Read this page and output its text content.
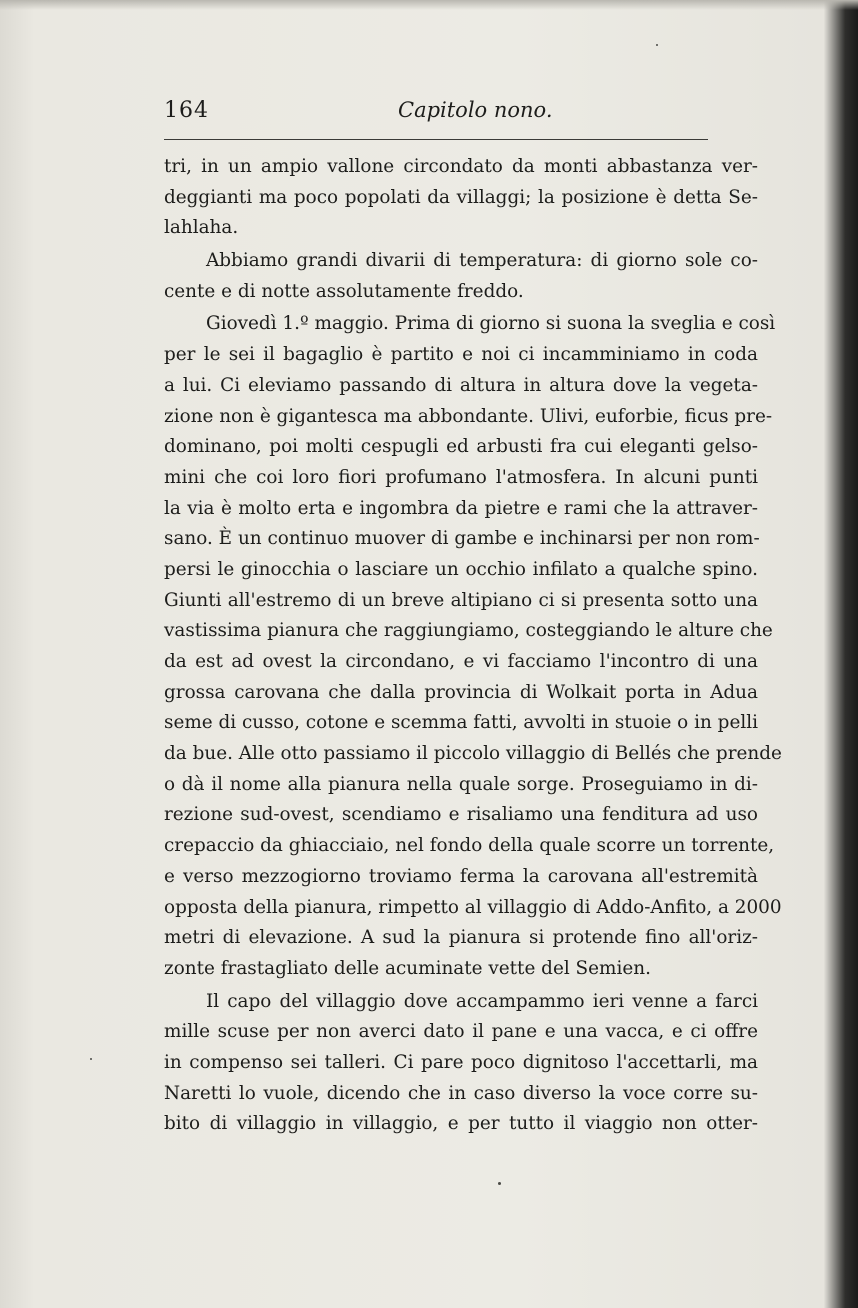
164	Capitolo nono.
tri, in un ampio vallone circondato da monti abbastanza ver-
deggianti ma poco popolati da villaggi; la posizione è detta Se-
lahlaha.
Abbiamo grandi divarii di temperatura: di giorno sole co-
cente e di notte assolutamente freddo.
Giovedì 1.º maggio. Prima di giorno si suona la sveglia e così
per le sei il bagaglio è partito e noi ci incamminiamo in coda
a lui. Ci eleviamo passando di altura in altura dove la vegeta-
zione non è gigantesca ma abbondante. Ulivi, euforbie, ficus pre-
dominano, poi molti cespugli ed arbusti fra cui eleganti gelso-
mini che coi loro fiori profumano l'atmosfera. In alcuni punti
la via è molto erta e ingombra da pietre e rami che la attraver-
sano. È un continuo muover di gambe e inchinarsi per non rom-
persi le ginocchia o lasciare un occhio infilato a qualche spino.
Giunti all'estremo di un breve altipiano ci si presenta sotto una
vastissima pianura che raggiungiamo, costeggiando le alture che
da est ad ovest la circondano, e vi facciamo l'incontro di una
grossa carovana che dalla provincia di Wolkait porta in Adua
seme di cusso, cotone e scemma fatti, avvolti in stuoie o in pelli
da bue. Alle otto passiamo il piccolo villaggio di Bellés che prende
o dà il nome alla pianura nella quale sorge. Proseguiamo in di-
rezione sud-ovest, scendiamo e risaliamo una fenditura ad uso
crepaccio da ghiacciaio, nel fondo della quale scorre un torrente,
e verso mezzogiorno troviamo ferma la carovana all'estremità
opposta della pianura, rimpetto al villaggio di Addo-Anfito, a 2000
metri di elevazione. A sud la pianura si protende fino all'oriz-
zonte frastagliato delle acuminate vette del Semien.
Il capo del villaggio dove accampammo ieri venne a farci
mille scuse per non averci dato il pane e una vacca, e ci offre
in compenso sei talleri. Ci pare poco dignitoso l'accettarli, ma
Naretti lo vuole, dicendo che in caso diverso la voce corre su-
bito di villaggio in villaggio, e per tutto il viaggio non otter-
